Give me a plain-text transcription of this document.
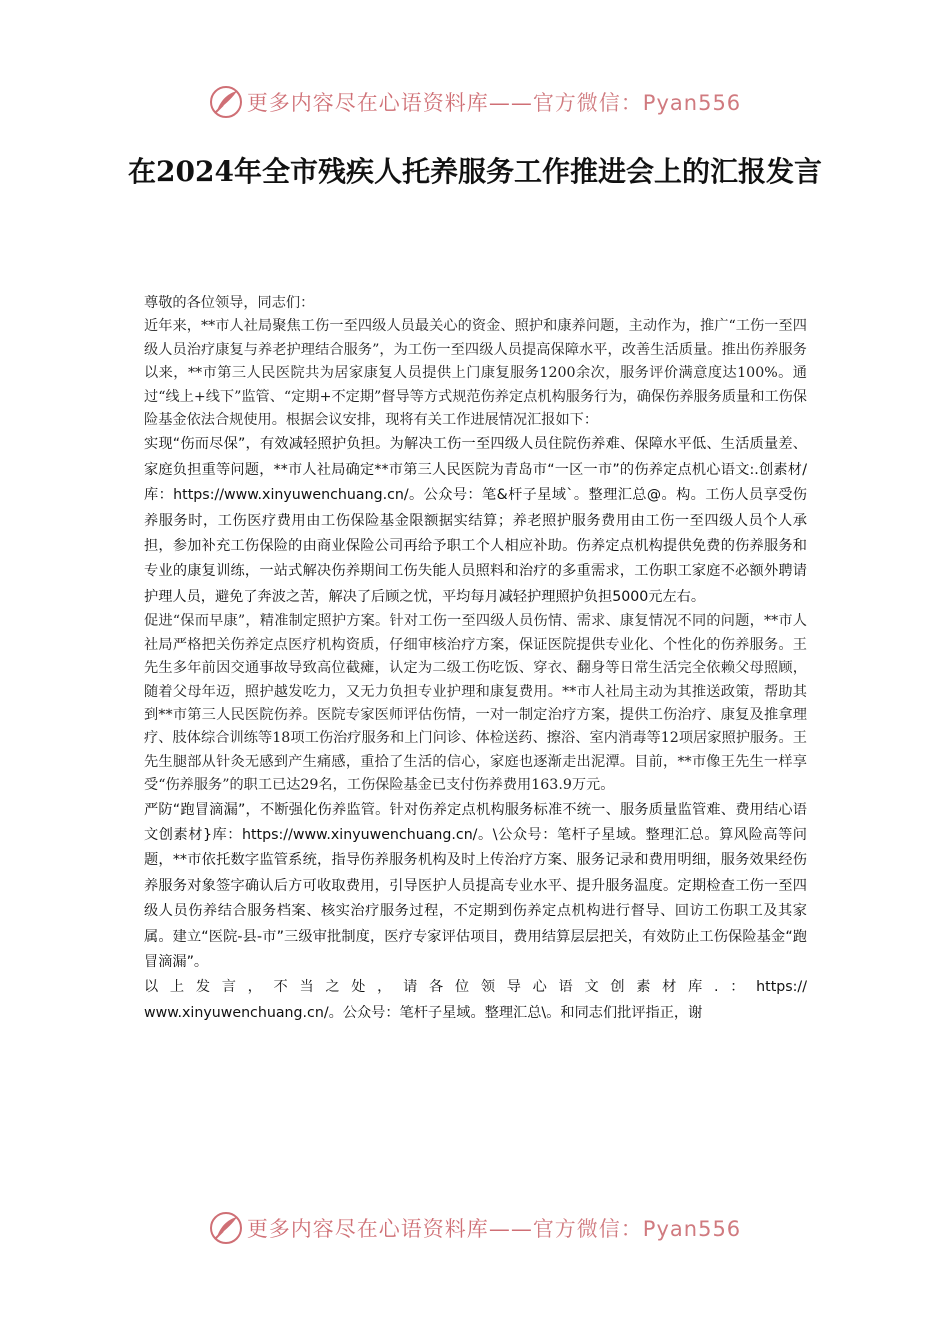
更多内容尽在心语资料库——官方微信：Pyan556
在2024年全市残疾人托养服务工作推进会上的汇报发言

尊敬的各位领导，同志们：

近年来，**市人社局聚焦工伤一至四级人员最关心的资金、照护和康养问题，主动作为，推广“工伤一至四级人员治疗康复与养老护理结合服务”，为工伤一至四级人员提高保障水平，改善生活质量。推出伤养服务以来，**市第三人民医院共为居家康复人员提供上门康复服务1200余次，服务评价满意度达100%。通过“线上+线下”监管、“定期+不定期”督导等方式规范伤养定点机构服务行为，确保伤养服务质量和工伤保险基金依法合规使用。根据会议安排，现将有关工作进展情况汇报如下：

实现“伤而尽保”，有效减轻照护负担。为解决工伤一至四级人员住院伤养难、保障水平低、生活质量差、家庭负担重等问题，**市人社局确定**市第三人民医院为青岛市“一区一市”的伤养定点机心语文:.创素材/库：https://www.xinyuwenchuang.cn/。公众号：笔&杆子星域`。整理汇总@。构。工伤人员享受伤养服务时，工伤医疗费用由工伤保险基金限额据实结算；养老照护服务费用由工伤一至四级人员个人承担，参加补充工伤保险的由商业保险公司再给予职工个人相应补助。伤养定点机构提供免费的伤养服务和专业的康复训练，一站式解决伤养期间工伤失能人员照料和治疗的多重需求，工伤职工家庭不必额外聘请护理人员，避免了奔波之苦，解决了后顾之忧，平均每月减轻护理照护负担5000元左右。

促进“保而早康”，精准制定照护方案。针对工伤一至四级人员伤情、需求、康复情况不同的问题，**市人社局严格把关伤养定点医疗机构资质，仔细审核治疗方案，保证医院提供专业化、个性化的伤养服务。王先生多年前因交通事故导致高位截瘫，认定为二级工伤吃饭、穿衣、翻身等日常生活完全依赖父母照顾，随着父母年迈，照护越发吃力，又无力负担专业护理和康复费用。**市人社局主动为其推送政策，帮助其到**市第三人民医院伤养。医院专家医师评估伤情，一对一制定治疗方案，提供工伤治疗、康复及推拿理疗、肢体综合训练等18项工伤治疗服务和上门问诊、体检送药、擦浴、室内消毒等12项居家照护服务。王先生腿部从针灸无感到产生痛感，重拾了生活的信心，家庭也逐渐走出泥潭。目前，**市像王先生一样享受“伤养服务”的职工已达29名，工伤保险基金已支付伤养费用163.9万元。

严防“跑冒滴漏”，不断强化伤养监管。针对伤养定点机构服务标准不统一、服务质量监管难、费用结心语文创素材}库：https://www.xinyuwenchuang.cn/。\公众号：笔杆子星域。整理汇总。算风险高等问题，**市依托数字监管系统，指导伤养服务机构及时上传治疗方案、服务记录和费用明细，服务效果经伤养服务对象签字确认后方可收取费用，引导医护人员提高专业水平、提升服务温度。定期检查工伤一至四级人员伤养结合服务档案、核实治疗服务过程，不定期到伤养定点机构进行督导、回访工伤职工及其家属。建立“医院-县-市”三级审批制度，医疗专家评估项目，费用结算层层把关，有效防止工伤保险基金“跑冒滴漏”。

以上发言，不当之处，请各位领导心语文创素材库.：https://

www.xinyuwenchuang.cn/。公众号：笔杆子星域。整理汇总\。和同志们批评指正，谢

更多内容尽在心语资料库——官方微信：Pyan556
